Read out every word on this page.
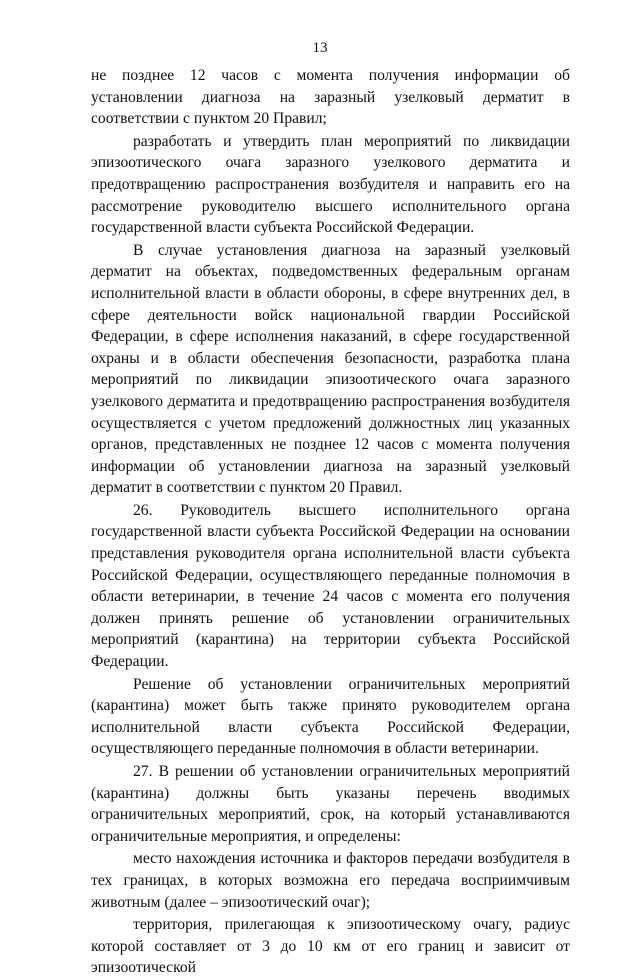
13

не позднее 12 часов с момента получения информации об установлении диагноза на заразный узелковый дерматит в соответствии с пунктом 20 Правил;

разработать и утвердить план мероприятий по ликвидации эпизоотического очага заразного узелкового дерматита и предотвращению распространения возбудителя и направить его на рассмотрение руководителю высшего исполнительного органа государственной власти субъекта Российской Федерации.

В случае установления диагноза на заразный узелковый дерматит на объектах, подведомственных федеральным органам исполнительной власти в области обороны, в сфере внутренних дел, в сфере деятельности войск национальной гвардии Российской Федерации, в сфере исполнения наказаний, в сфере государственной охраны и в области обеспечения безопасности, разработка плана мероприятий по ликвидации эпизоотического очага заразного узелкового дерматита и предотвращению распространения возбудителя осуществляется с учетом предложений должностных лиц указанных органов, представленных не позднее 12 часов с момента получения информации об установлении диагноза на заразный узелковый дерматит в соответствии с пунктом 20 Правил.

26. Руководитель высшего исполнительного органа государственной власти субъекта Российской Федерации на основании представления руководителя органа исполнительной власти субъекта Российской Федерации, осуществляющего переданные полномочия в области ветеринарии, в течение 24 часов с момента его получения должен принять решение об установлении ограничительных мероприятий (карантина) на территории субъекта Российской Федерации.

Решение об установлении ограничительных мероприятий (карантина) может быть также принято руководителем органа исполнительной власти субъекта Российской Федерации, осуществляющего переданные полномочия в области ветеринарии.

27. В решении об установлении ограничительных мероприятий (карантина) должны быть указаны перечень вводимых ограничительных мероприятий, срок, на который устанавливаются ограничительные мероприятия, и определены:

место нахождения источника и факторов передачи возбудителя в тех границах, в которых возможна его передача восприимчивым животным (далее – эпизоотический очаг);

территория, прилегающая к эпизоотическому очагу, радиус которой составляет от 3 до 10 км от его границ и зависит от эпизоотической
